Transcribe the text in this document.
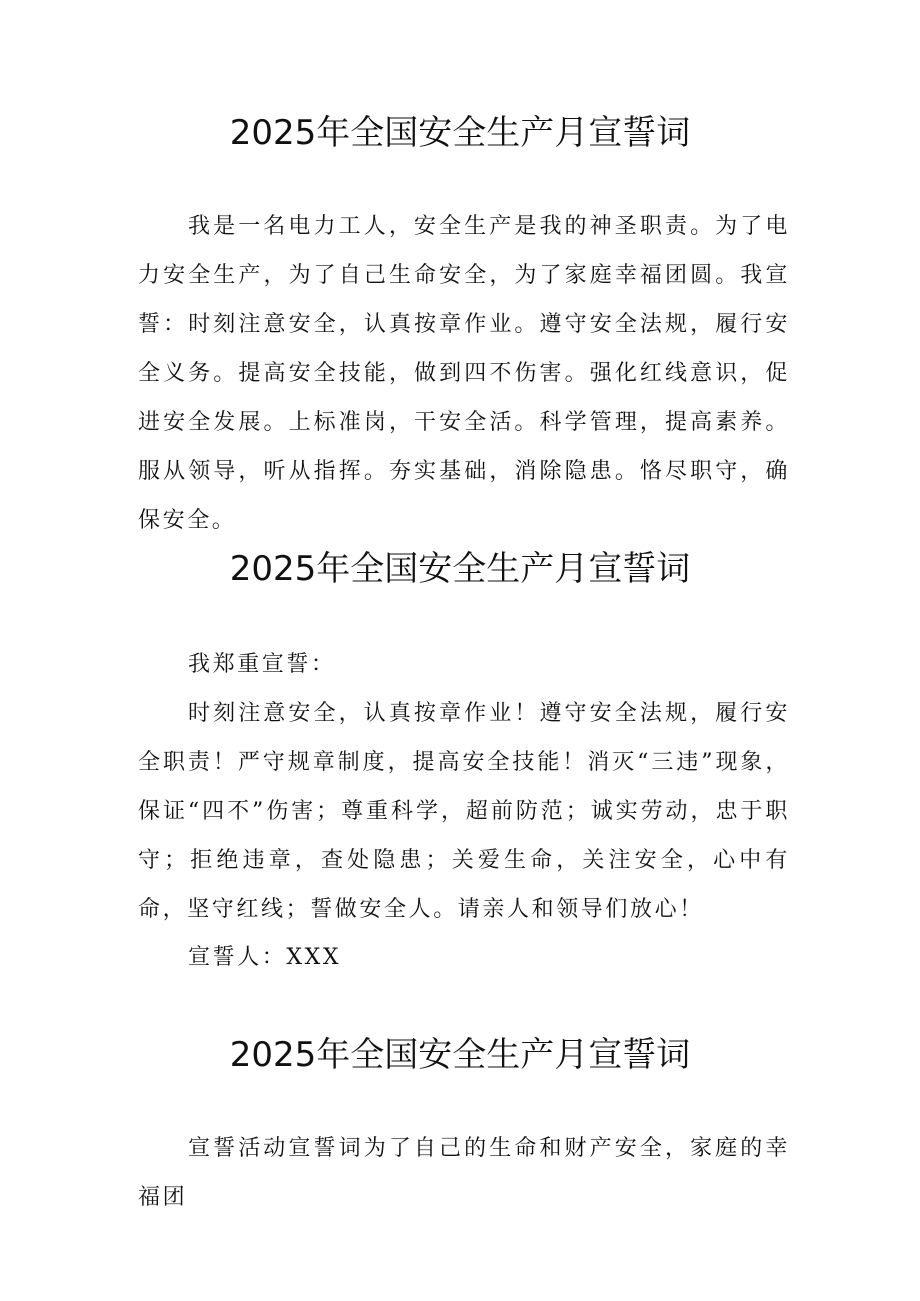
2025年全国安全生产月宣誓词

我是一名电力工人，安全生产是我的神圣职责。为了电力安全生产，为了自己生命安全，为了家庭幸福团圆。我宣誓：时刻注意安全，认真按章作业。遵守安全法规，履行安全义务。提高安全技能，做到四不伤害。强化红线意识，促进安全发展。上标准岗，干安全活。科学管理，提高素养。服从领导，听从指挥。夯实基础，消除隐患。恪尽职守，确保安全。

2025年全国安全生产月宣誓词

我郑重宣誓：

时刻注意安全，认真按章作业！遵守安全法规，履行安全职责！严守规章制度，提高安全技能！消灭“三违”现象，保证“四不”伤害；尊重科学，超前防范；诚实劳动，忠于职守；拒绝违章，查处隐患；关爱生命，关注安全，心中有命，坚守红线；誓做安全人。请亲人和领导们放心！

宣誓人：XXX

2025年全国安全生产月宣誓词

宣誓活动宣誓词为了自己的生命和财产安全，家庭的幸福团
